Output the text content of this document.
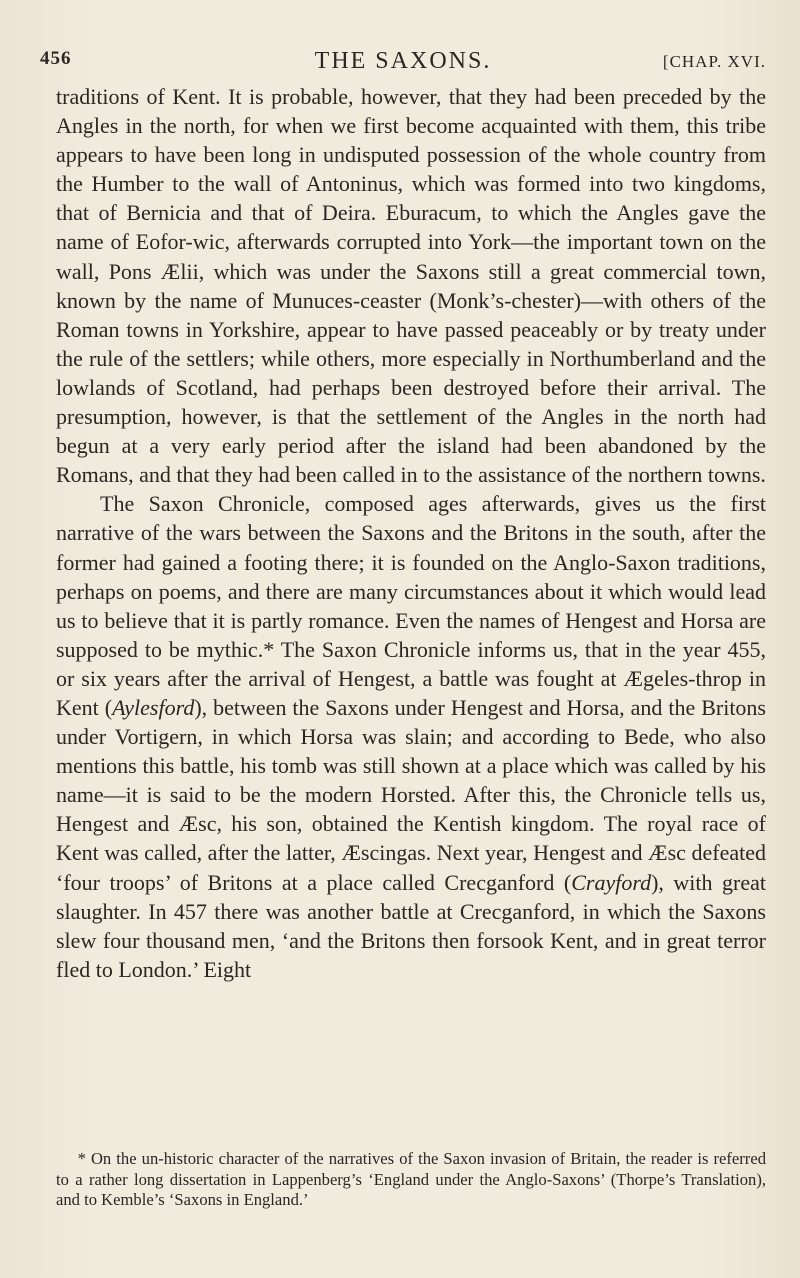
456	THE SAXONS.	[CHAP. XVI.

traditions of Kent. It is probable, however, that they had been preceded by the Angles in the north, for when we first become acquainted with them, this tribe appears to have been long in undisputed possession of the whole country from the Humber to the wall of Antoninus, which was formed into two kingdoms, that of Bernicia and that of Deira. Eburacum, to which the Angles gave the name of Eofor-wic, afterwards corrupted into York—the important town on the wall, Pons Ælii, which was under the Saxons still a great commercial town, known by the name of Munuces-ceaster (Monk’s-chester)—with others of the Roman towns in Yorkshire, appear to have passed peaceably or by treaty under the rule of the settlers; while others, more especially in Northumberland and the lowlands of Scotland, had perhaps been destroyed before their arrival. The presumption, however, is that the settlement of the Angles in the north had begun at a very early period after the island had been abandoned by the Romans, and that they had been called in to the assistance of the northern towns.

The Saxon Chronicle, composed ages afterwards, gives us the first narrative of the wars between the Saxons and the Britons in the south, after the former had gained a footing there; it is founded on the Anglo-Saxon traditions, perhaps on poems, and there are many circumstances about it which would lead us to believe that it is partly romance. Even the names of Hengest and Horsa are supposed to be mythic.* The Saxon Chronicle informs us, that in the year 455, or six years after the arrival of Hengest, a battle was fought at Ægeles-throp in Kent (Aylesford), between the Saxons under Hengest and Horsa, and the Britons under Vortigern, in which Horsa was slain; and according to Bede, who also mentions this battle, his tomb was still shown at a place which was called by his name—it is said to be the modern Horsted. After this, the Chronicle tells us, Hengest and Æsc, his son, obtained the Kentish kingdom. The royal race of Kent was called, after the latter, Æscingas. Next year, Hengest and Æsc defeated ‘four troops’ of Britons at a place called Crecganford (Crayford), with great slaughter. In 457 there was another battle at Crecganford, in which the Saxons slew four thousand men, ‘and the Britons then forsook Kent, and in great terror fled to London.’ Eight

* On the un-historic character of the narratives of the Saxon invasion of Britain, the reader is referred to a rather long dissertation in Lappenberg’s ‘England under the Anglo-Saxons’ (Thorpe’s Translation), and to Kemble’s ‘Saxons in England.’
